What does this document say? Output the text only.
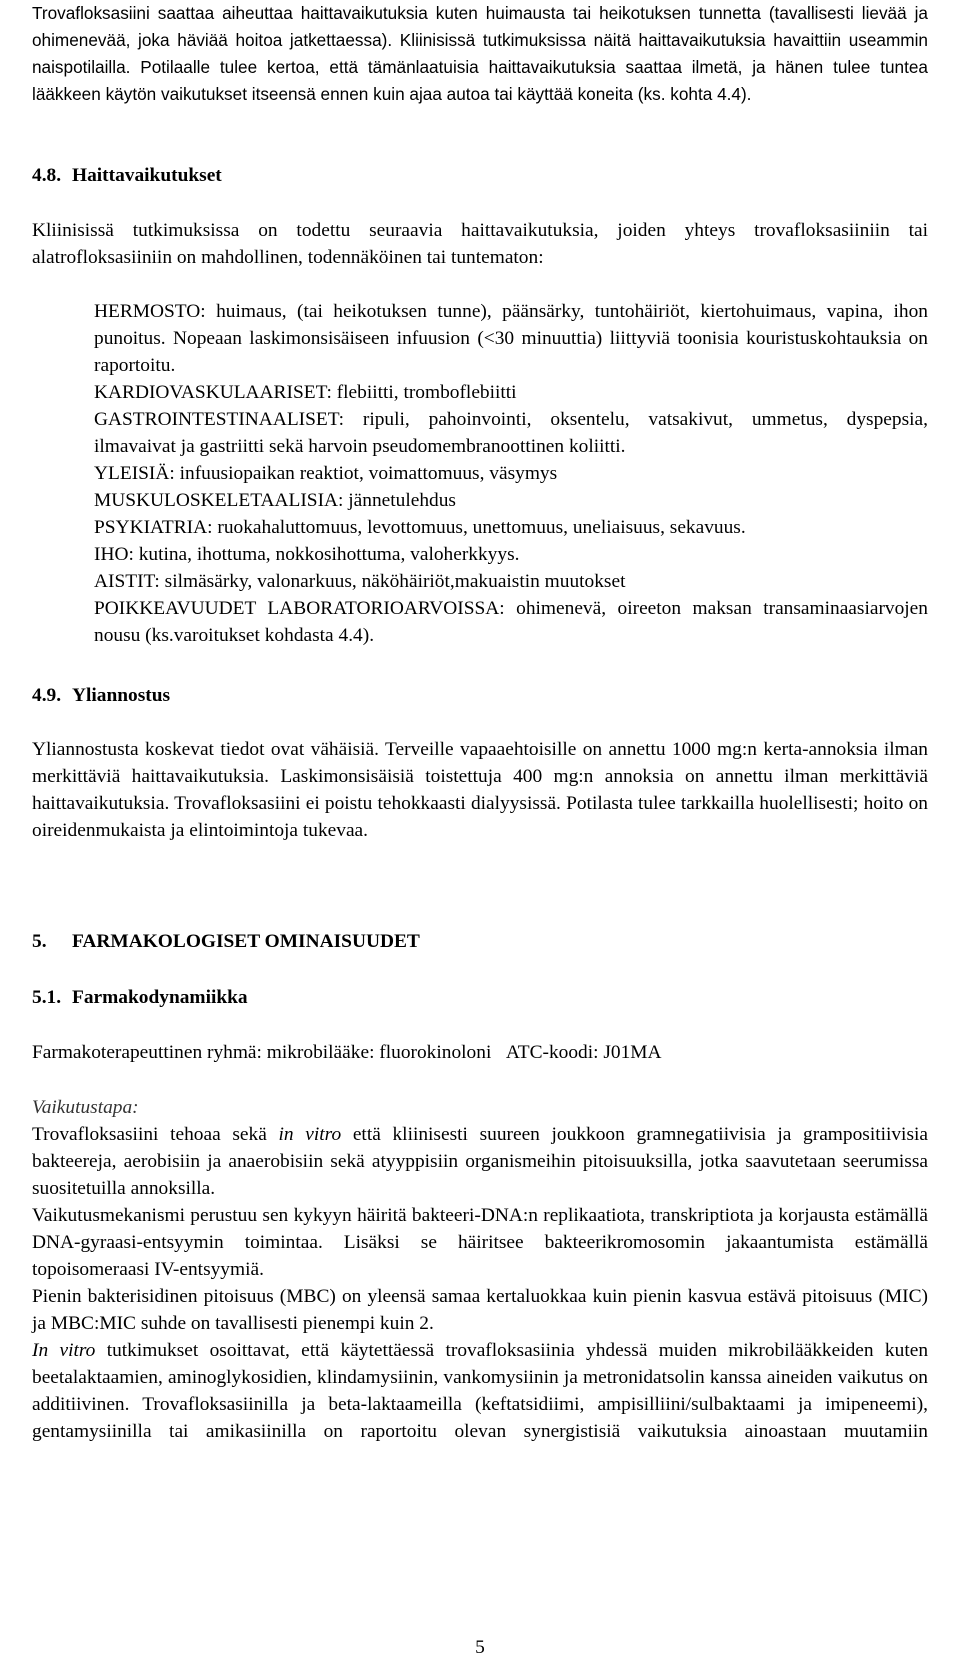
Trovafloksasiini saattaa aiheuttaa haittavaikutuksia kuten huimausta tai heikotuksen tunnetta (tavallisesti lievää ja ohimenevää, joka häviää hoitoa jatkettaessa). Kliinisissä tutkimuksissa näitä haittavaikutuksia havaittiin useammin naispotilailla. Potilaalle tulee kertoa, että tämänlaatuisia haittavaikutuksia saattaa ilmetä, ja hänen tulee tuntea lääkkeen käytön vaikutukset itseensä ennen kuin ajaa autoa tai käyttää koneita (ks. kohta 4.4).

4.8. Haittavaikutukset

Kliinisissä tutkimuksissa on todettu seuraavia haittavaikutuksia, joiden yhteys trovafloksasiiniin tai alatrofloksasiiniin on mahdollinen, todennäköinen tai tuntematon:

HERMOSTO: huimaus, (tai heikotuksen tunne), päänsärky, tuntohäiriöt, kiertohuimaus, vapina, ihon punoitus. Nopeaan laskimonsisäiseen infuusion (<30 minuuttia) liittyviä toonisia kouristuskohtauksia on raportoitu.

KARDIOVASKULAARISET: flebiitti, tromboflebiitti

GASTROINTESTINAALISET: ripuli, pahoinvointi, oksentelu, vatsakivut, ummetus, dyspepsia, ilmavaivat ja gastriitti sekä harvoin pseudomembranoottinen koliitti.

YLEISIÄ: infuusiopaikan reaktiot, voimattomuus, väsymys

MUSKULOSKELETAALISIA: jännetulehdus

PSYKIATRIA: ruokahaluttomuus, levottomuus, unettomuus, uneliaisuus, sekavuus.

IHO: kutina, ihottuma, nokkosihottuma, valoherkkyys.

AISTIT: silmäsärky, valonarkuus, näköhäiriöt,makuaistin muutokset

POIKKEAVUUDET LABORATORIOARVOISSA: ohimenevä, oireeton maksan transaminaasiarvojen nousu (ks.varoitukset kohdasta 4.4).

4.9. Yliannostus

Yliannostusta koskevat tiedot ovat vähäisiä. Terveille vapaaehtoisille on annettu 1000 mg:n kerta-annoksia ilman merkittäviä haittavaikutuksia. Laskimonsisäisiä toistettuja 400 mg:n annoksia on annettu ilman merkittäviä haittavaikutuksia. Trovafloksasiini ei poistu tehokkaasti dialyysissä. Potilasta tulee tarkkailla huolellisesti; hoito on oireidenmukaista ja elintoimintoja tukevaa.

5. FARMAKOLOGISET OMINAISUUDET
5.1. Farmakodynamiikka

Farmakoterapeuttinen ryhmä: mikrobilääke: fluorokinoloni ATC-koodi: J01MA

Vaikutustapa:

Trovafloksasiini tehoaa sekä in vitro että kliinisesti suureen joukkoon gramnegatiivisia ja grampositiivisia bakteereja, aerobisiin ja anaerobisiin sekä atyyppisiin organismeihin pitoisuuksilla, jotka saavutetaan seerumissa suositetuilla annoksilla.

Vaikutusmekanismi perustuu sen kykyyn häiritä bakteeri-DNA:n replikaatiota, transkriptiota ja korjausta estämällä DNA-gyraasi-entsyymin toimintaa. Lisäksi se häiritsee bakteerikromosomin jakaantumista estämällä topoisomeraasi IV-entsyymiä.

Pienin bakterisidinen pitoisuus (MBC) on yleensä samaa kertaluokkaa kuin pienin kasvua estävä pitoisuus (MIC) ja MBC:MIC suhde on tavallisesti pienempi kuin 2.

In vitro tutkimukset osoittavat, että käytettäessä trovafloksasiinia yhdessä muiden mikrobilääkkeiden kuten beetalaktaamien, aminoglykosidien, klindamysiinin, vankomysiinin ja metronidatsolin kanssa aineiden vaikutus on additiivinen. Trovafloksasiinilla ja beta-laktaameilla (keftatsidiimi, ampisilliini/sulbaktaami ja imipeneemi), gentamysiinilla tai amikasiinilla on raportoitu olevan synergistisiä vaikutuksia ainoastaan muutamiin

5
